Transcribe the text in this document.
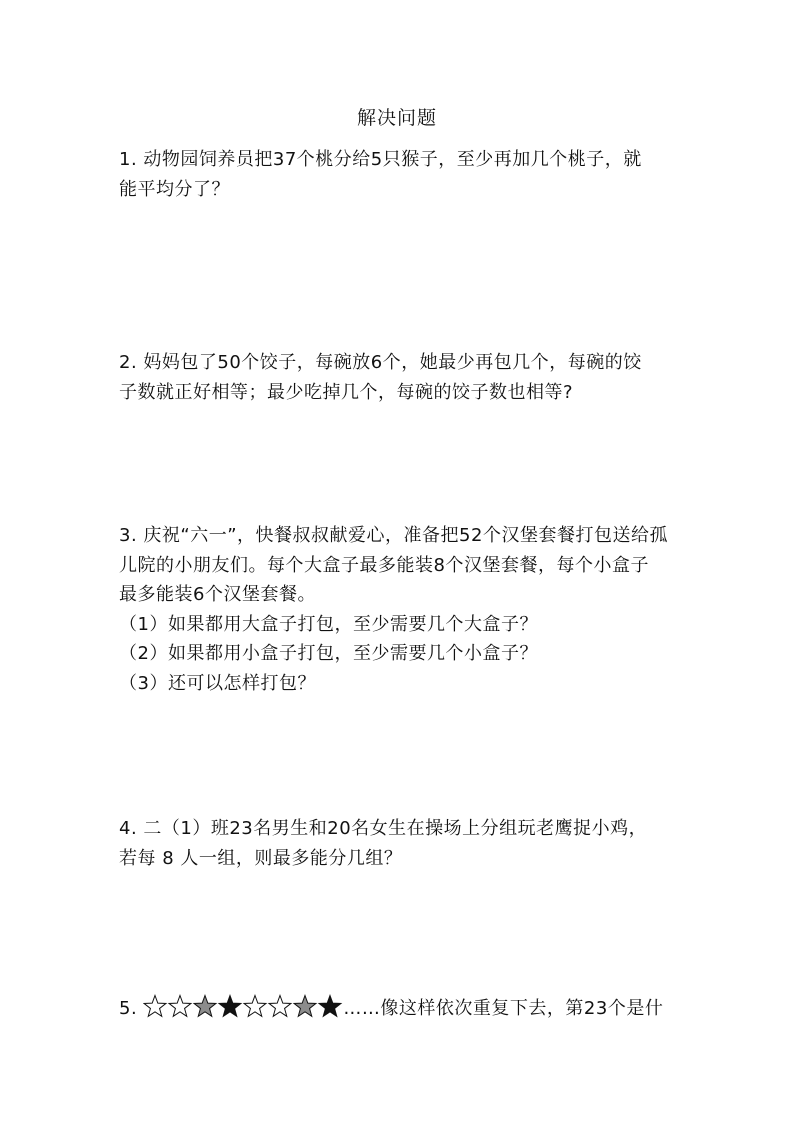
解决问题
1. 动物园饲养员把37个桃分给5只猴子，至少再加几个桃子，就
能平均分了？
2. 妈妈包了50个饺子，每碗放6个，她最少再包几个，每碗的饺
子数就正好相等；最少吃掉几个，每碗的饺子数也相等?
3. 庆祝“六一”，快餐叔叔献爱心，准备把52个汉堡套餐打包送给孤
儿院的小朋友们。每个大盒子最多能装8个汉堡套餐，每个小盒子
最多能装6个汉堡套餐。
（1）如果都用大盒子打包，至少需要几个大盒子？
（2）如果都用小盒子打包，至少需要几个小盒子？
（3）还可以怎样打包？
4. 二（1）班23名男生和20名女生在操场上分组玩老鹰捉小鸡，
若每 8 人一组，则最多能分几组？
5.	……像这样依次重复下去，第23个是什
